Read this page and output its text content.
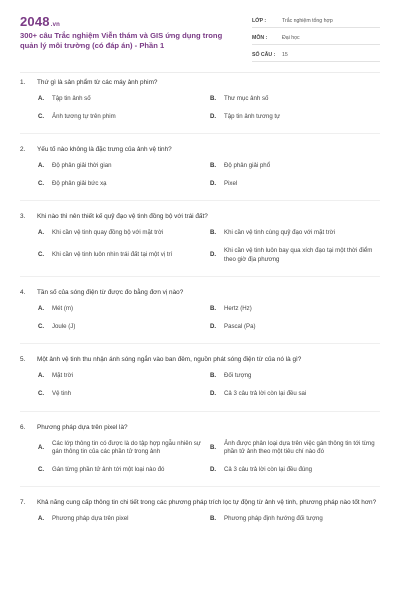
2048.vn
300+ câu Trắc nghiệm Viễn thám và GIS ứng dụng trong quản lý môi trường (có đáp án) - Phần 1
LỚP :	Trắc nghiệm tổng hợp
MÔN :	Đại học
SỐ CÂU :	15
1.	Thứ gì là sản phẩm từ các máy ảnh phim?
A.	Tập tin ảnh số	B.	Thư mục ảnh số
C.	Ảnh tương tự trên phim	D.	Tập tin ảnh tương tự
2.	Yếu tố nào không là đặc trưng của ảnh vệ tinh?
A.	Độ phân giải thời gian	B.	Độ phân giải phổ
C.	Độ phân giải bức xạ	D.	Pixel
3.	Khi nào thì nên thiết kế quỹ đạo vệ tinh đồng bộ với trái đất?
A.	Khi cần vệ tinh quay đồng bộ với mặt trời	B.	Khi cần vệ tinh cùng quỹ đạo với mặt trời
C.	Khi cần vệ tinh luôn nhìn trái đất tại một vị trí	D.
Khi cần vệ tinh luôn bay qua xích đạo tại một thời điểm theo giờ địa phương
4.	Tần số của sóng điện từ được đo bằng đơn vị nào?
A.	Mét (m)	B.	Hertz (Hz)
C.	Joule (J)	D.	Pascal (Pa)
5.	Một ảnh vệ tinh thu nhận ánh sóng ngắn vào ban đêm, nguồn phát sóng điện từ của nó là gì?
A.	Mặt trời	B.	Đối tượng
C.	Vệ tinh	D.	Cả 3 câu trả lời còn lại đều sai
6.	Phương pháp dựa trên pixel là?
A.
Các lớp thông tin có được là do tập hợp ngẫu nhiên sự gán thông tin của các phần tử trong ảnh
B.
Ảnh được phân loại dựa trên việc gán thông tin tới từng phần tử ảnh theo một tiêu chí nào đó
C.	Gán từng phần tử ảnh tới một loại nào đó	D.	Cả 3 câu trả lời còn lại đều đúng
7.	Khả năng cung cấp thông tin chi tiết trong các phương pháp trích lọc tự động từ ảnh vệ tinh, phương pháp nào tốt hơn?
A.	Phương pháp dựa trên pixel	B.	Phương pháp định hướng đối tượng
